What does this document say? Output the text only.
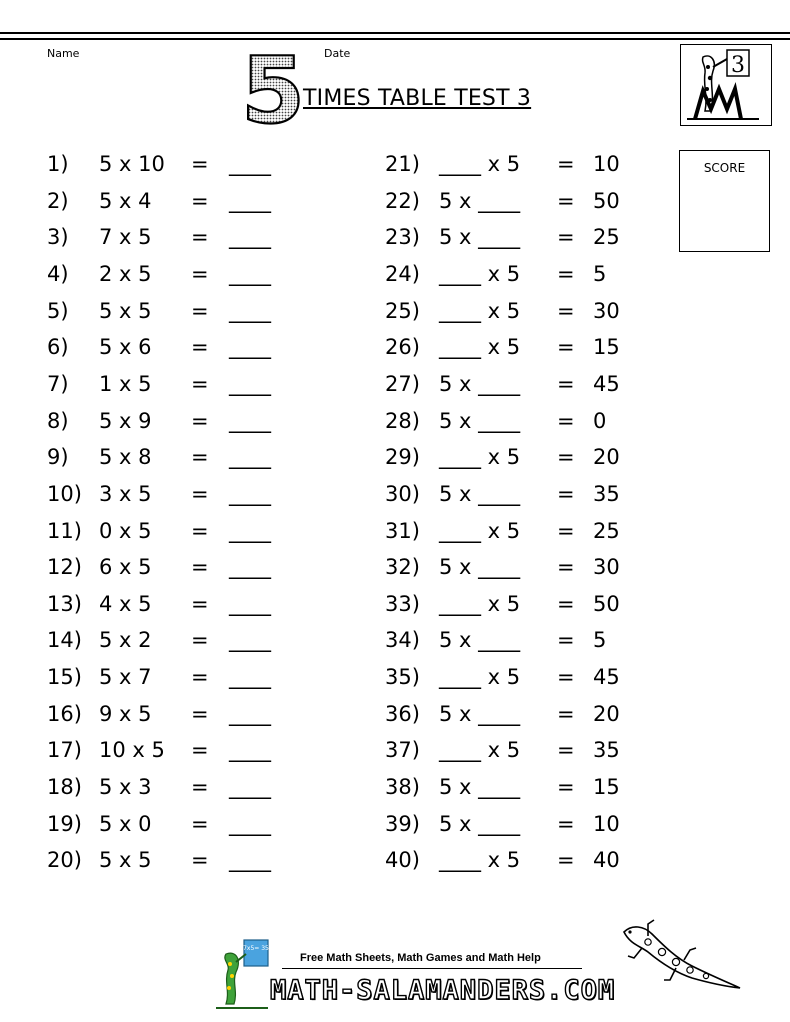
Name	Date
5
TIMES TABLE TEST 3
3
SCORE
1) 5 x 10 = ____	21) ____ x 5 = 10
2) 5 x 4 = ____	22) 5 x ____ = 50
3) 7 x 5 = ____	23) 5 x ____ = 25
4) 2 x 5 = ____	24) ____ x 5 = 5
5) 5 x 5 = ____	25) ____ x 5 = 30
6) 5 x 6 = ____	26) ____ x 5 = 15
7) 1 x 5 = ____	27) 5 x ____ = 45
8) 5 x 9 = ____	28) 5 x ____ = 0
9) 5 x 8 = ____	29) ____ x 5 = 20
10) 3 x 5 = ____	30) 5 x ____ = 35
11) 0 x 5 = ____	31) ____ x 5 = 25
12) 6 x 5 = ____	32) 5 x ____ = 30
13) 4 x 5 = ____	33) ____ x 5 = 50
14) 5 x 2 = ____	34) 5 x ____ = 5
15) 5 x 7 = ____	35) ____ x 5 = 45
16) 9 x 5 = ____	36) 5 x ____ = 20
17) 10 x 5 = ____	37) ____ x 5 = 35
18) 5 x 3 = ____	38) 5 x ____ = 15
19) 5 x 0 = ____	39) 5 x ____ = 10
20) 5 x 5 = ____	40) ____ x 5 = 40
7x5= 35
Free Math Sheets, Math Games and Math Help
MATH-SALAMANDERS.COM
